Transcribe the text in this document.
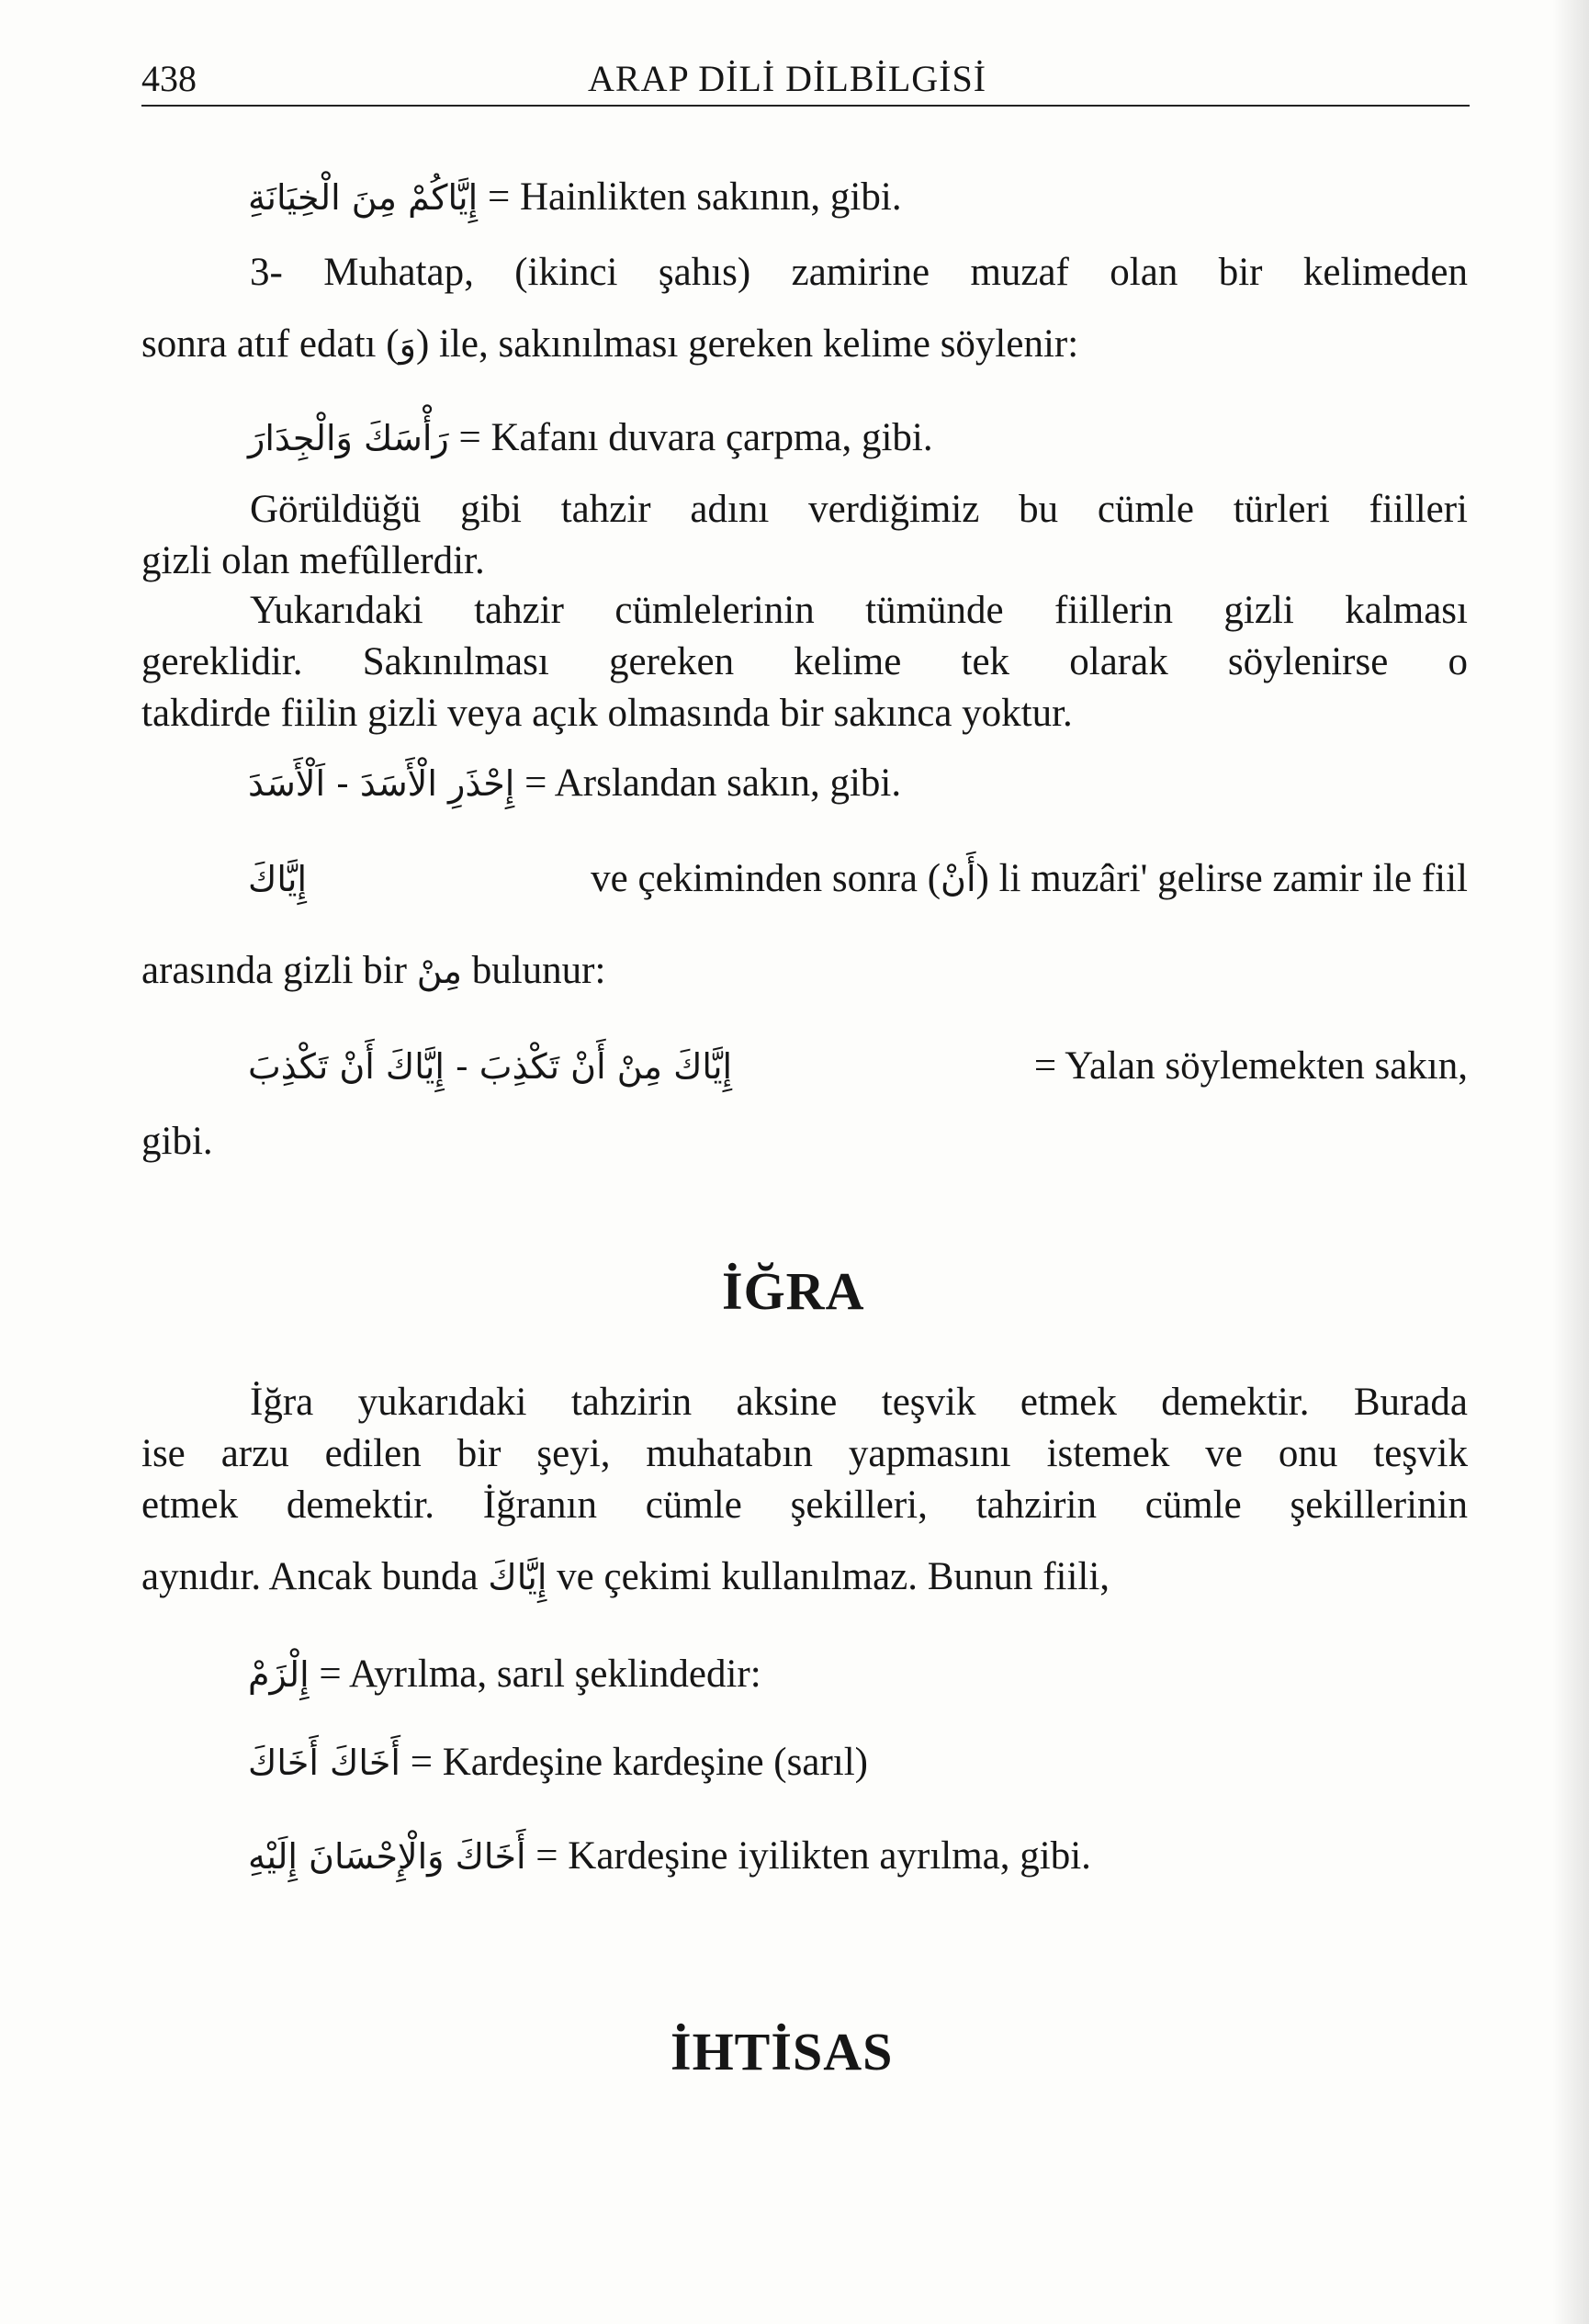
438	ARAP DİLİ DİLBİLGİSİ
إِيَّاكُمْ مِنَ الْخِيَانَةِ = Hainlikten sakının, gibi.
3- Muhatap, (ikinci şahıs) zamirine muzaf olan bir kelimeden
sonra atıf edatı (وَ) ile, sakınılması gereken kelime söylenir:
رَأْسَكَ وَالْجِدَارَ = Kafanı duvara çarpma, gibi.
Görüldüğü gibi tahzir adını verdiğimiz bu cümle türleri fiilleri
gizli olan mefûllerdir.
Yukarıdaki tahzir cümlelerinin tümünde fiillerin gizli kalması
gereklidir. Sakınılması gereken kelime tek olarak söylenirse o
takdirde fiilin gizli veya açık olmasında bir sakınca yoktur.
إِحْذَرِ الْأَسَدَ - اَلْأَسَدَ = Arslandan sakın, gibi.
إِيَّاكَ	ve çekiminden sonra (أَنْ) li muzâri' gelirse zamir ile fiil
arasında gizli bir مِنْ bulunur:
إِيَّاكَ مِنْ أَنْ تَكْذِبَ - إِيَّاكَ أَنْ تَكْذِبَ	= Yalan söylemekten sakın,
gibi.
İĞRA
İğra yukarıdaki tahzirin aksine teşvik etmek demektir. Burada
ise arzu edilen bir şeyi, muhatabın yapmasını istemek ve onu teşvik
etmek demektir. İğranın cümle şekilleri, tahzirin cümle şekillerinin
aynıdır. Ancak bunda إِيَّاكَ ve çekimi kullanılmaz. Bunun fiili,
إِلْزَمْ = Ayrılma, sarıl şeklindedir:
أَخَاكَ أَخَاكَ = Kardeşine kardeşine (sarıl)
أَخَاكَ وَالْإِحْسَانَ إِلَيْهِ = Kardeşine iyilikten ayrılma, gibi.
İHTİSAS
